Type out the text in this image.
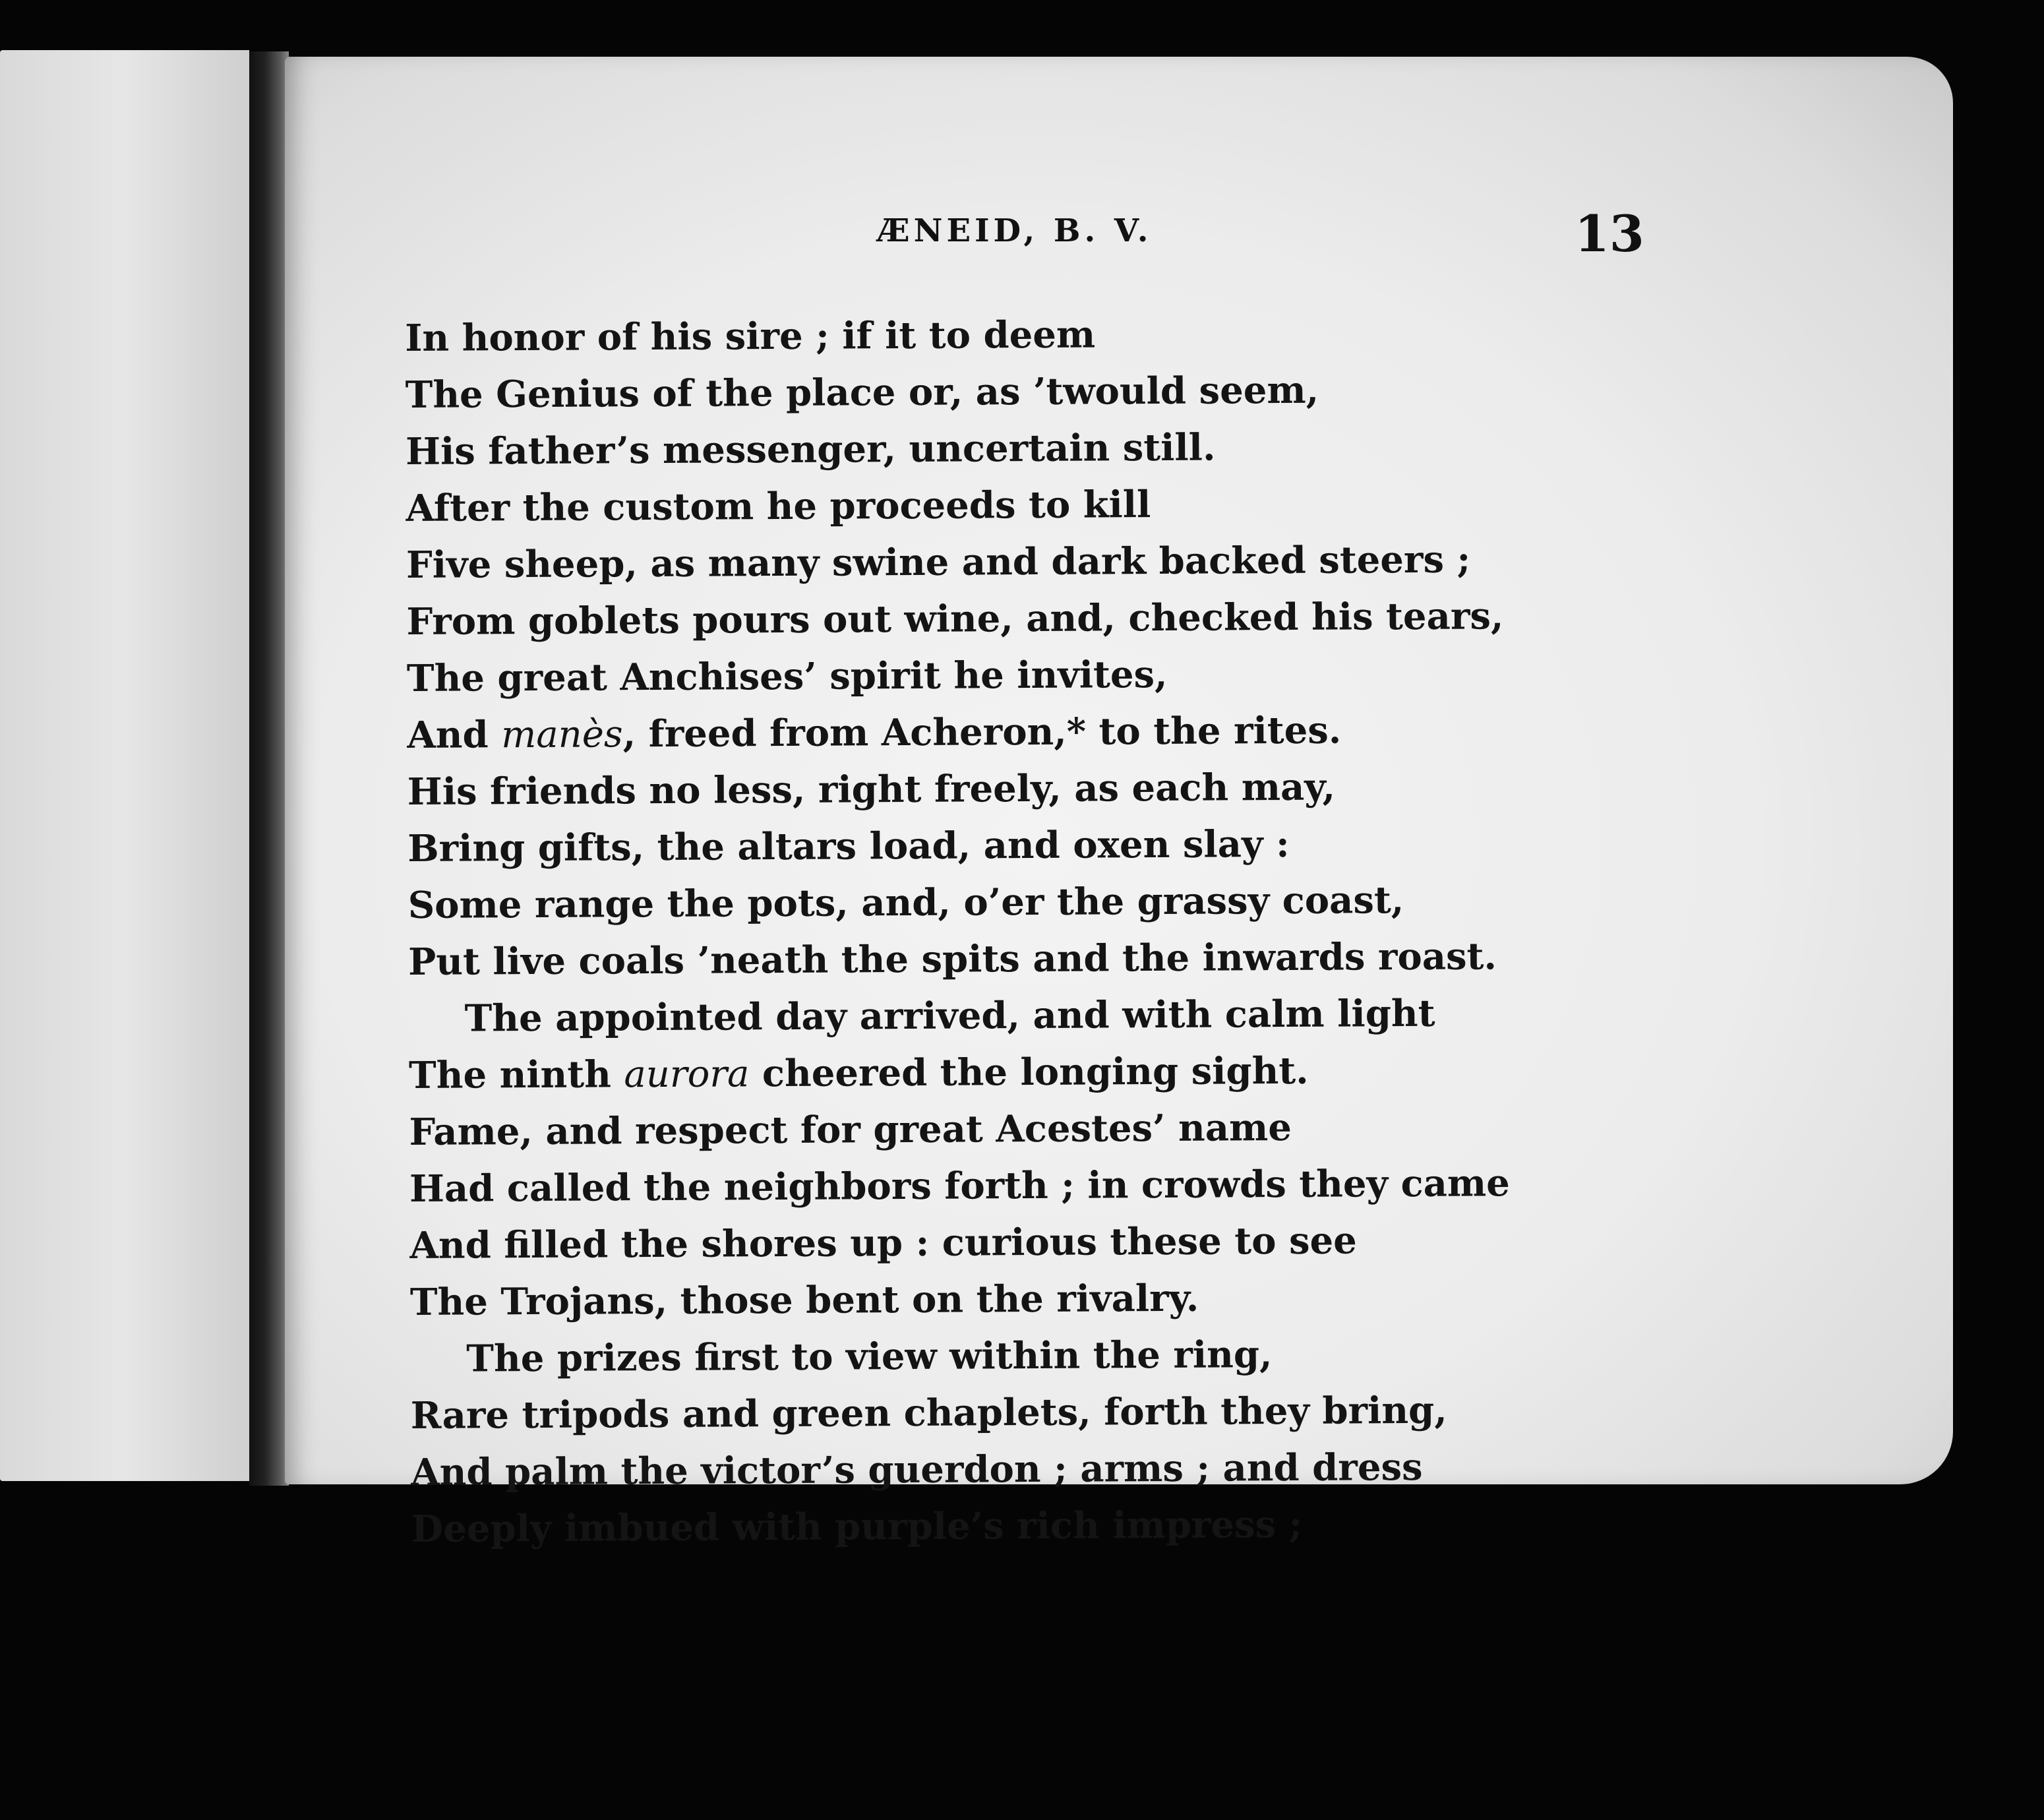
ÆNEID, B. V.	13

In honor of his sire ; if it to deem
The Genius of the place or, as ’twould seem,
His father’s messenger, uncertain still.
After the custom he proceeds to kill
Five sheep, as many swine and dark backed steers ;
From goblets pours out wine, and, checked his tears,
The great Anchises’ spirit he invites,
And manès, freed from Acheron,* to the rites.
His friends no less, right freely, as each may,
Bring gifts, the altars load, and oxen slay :
Some range the pots, and, o’er the grassy coast,
Put live coals ’neath the spits and the inwards roast.
The appointed day arrived, and with calm light
The ninth aurora cheered the longing sight.
Fame, and respect for great Acestes’ name
Had called the neighbors forth ; in crowds they came
And filled the shores up : curious these to see
The Trojans, those bent on the rivalry.
The prizes first to view within the ring,
Rare tripods and green chaplets, forth they bring,
And palm the victor’s guerdon ; arms ; and dress
Deeply imbued with purple’s rich impress ;
